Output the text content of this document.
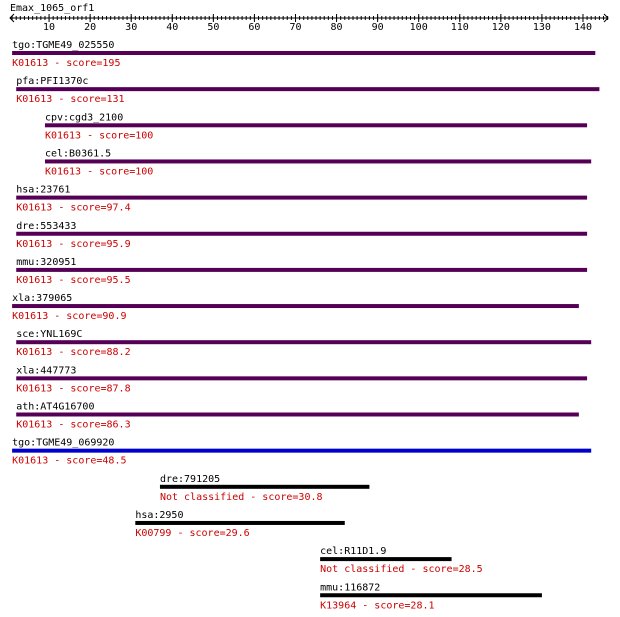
Emax_1065_orf1
10	20	30	40	50	60	70	80	90	100 110 120 130 140
tgo:TGME49_025550
K01613 - score=195
pfa:PFI1370c
K01613 - score=131
cpv:cgd3_2100
K01613 - score=100
cel:B0361.5
K01613 - score=100
hsa:23761
K01613 - score=97.4
dre:553433
K01613 - score=95.9
mmu:320951
K01613 - score=95.5
xla:379065
K01613 - score=90.9
sce:YNL169C
K01613 - score=88.2
xla:447773
K01613 - score=87.8
ath:AT4G16700
K01613 - score=86.3
tgo:TGME49_069920
K01613 - score=48.5
dre:791205
Not classified - score=30.8
hsa:2950
K00799 - score=29.6
cel:R11D1.9
Not classified - score=28.5
mmu:116872
K13964 - score=28.1
